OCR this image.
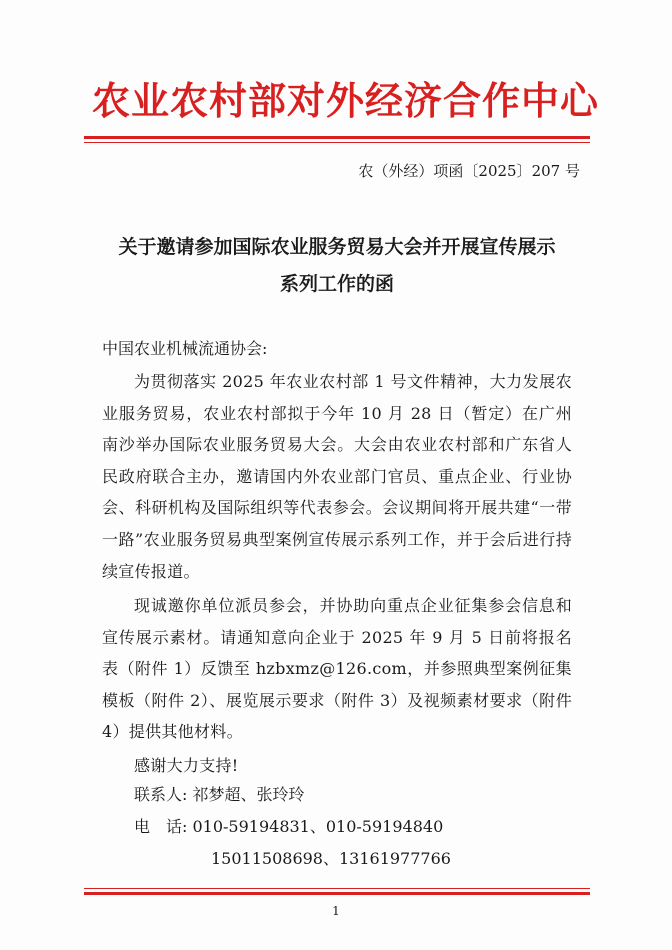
农业农村部对外经济合作中心
农（外经）项函〔2025〕207 号
关于邀请参加国际农业服务贸易大会并开展宣传展示
系列工作的函
中国农业机械流通协会:
为贯彻落实 2025 年农业农村部 1 号文件精神，大力发展农业服务贸易，农业农村部拟于今年 10 月 28 日（暂定）在广州南沙举办国际农业服务贸易大会。大会由农业农村部和广东省人民政府联合主办，邀请国内外农业部门官员、重点企业、行业协会、科研机构及国际组织等代表参会。会议期间将开展共建“一带一路”农业服务贸易典型案例宣传展示系列工作，并于会后进行持续宣传报道。
现诚邀你单位派员参会，并协助向重点企业征集参会信息和宣传展示素材。请通知意向企业于 2025 年 9 月 5 日前将报名表（附件 1）反馈至 hzbxmz@126.com，并参照典型案例征集模板（附件 2）、展览展示要求（附件 3）及视频素材要求（附件 4）提供其他材料。
感谢大力支持!
联系人: 祁梦超、张玲玲
电　话: 010-59194831、010-59194840
15011508698、13161977766
1
